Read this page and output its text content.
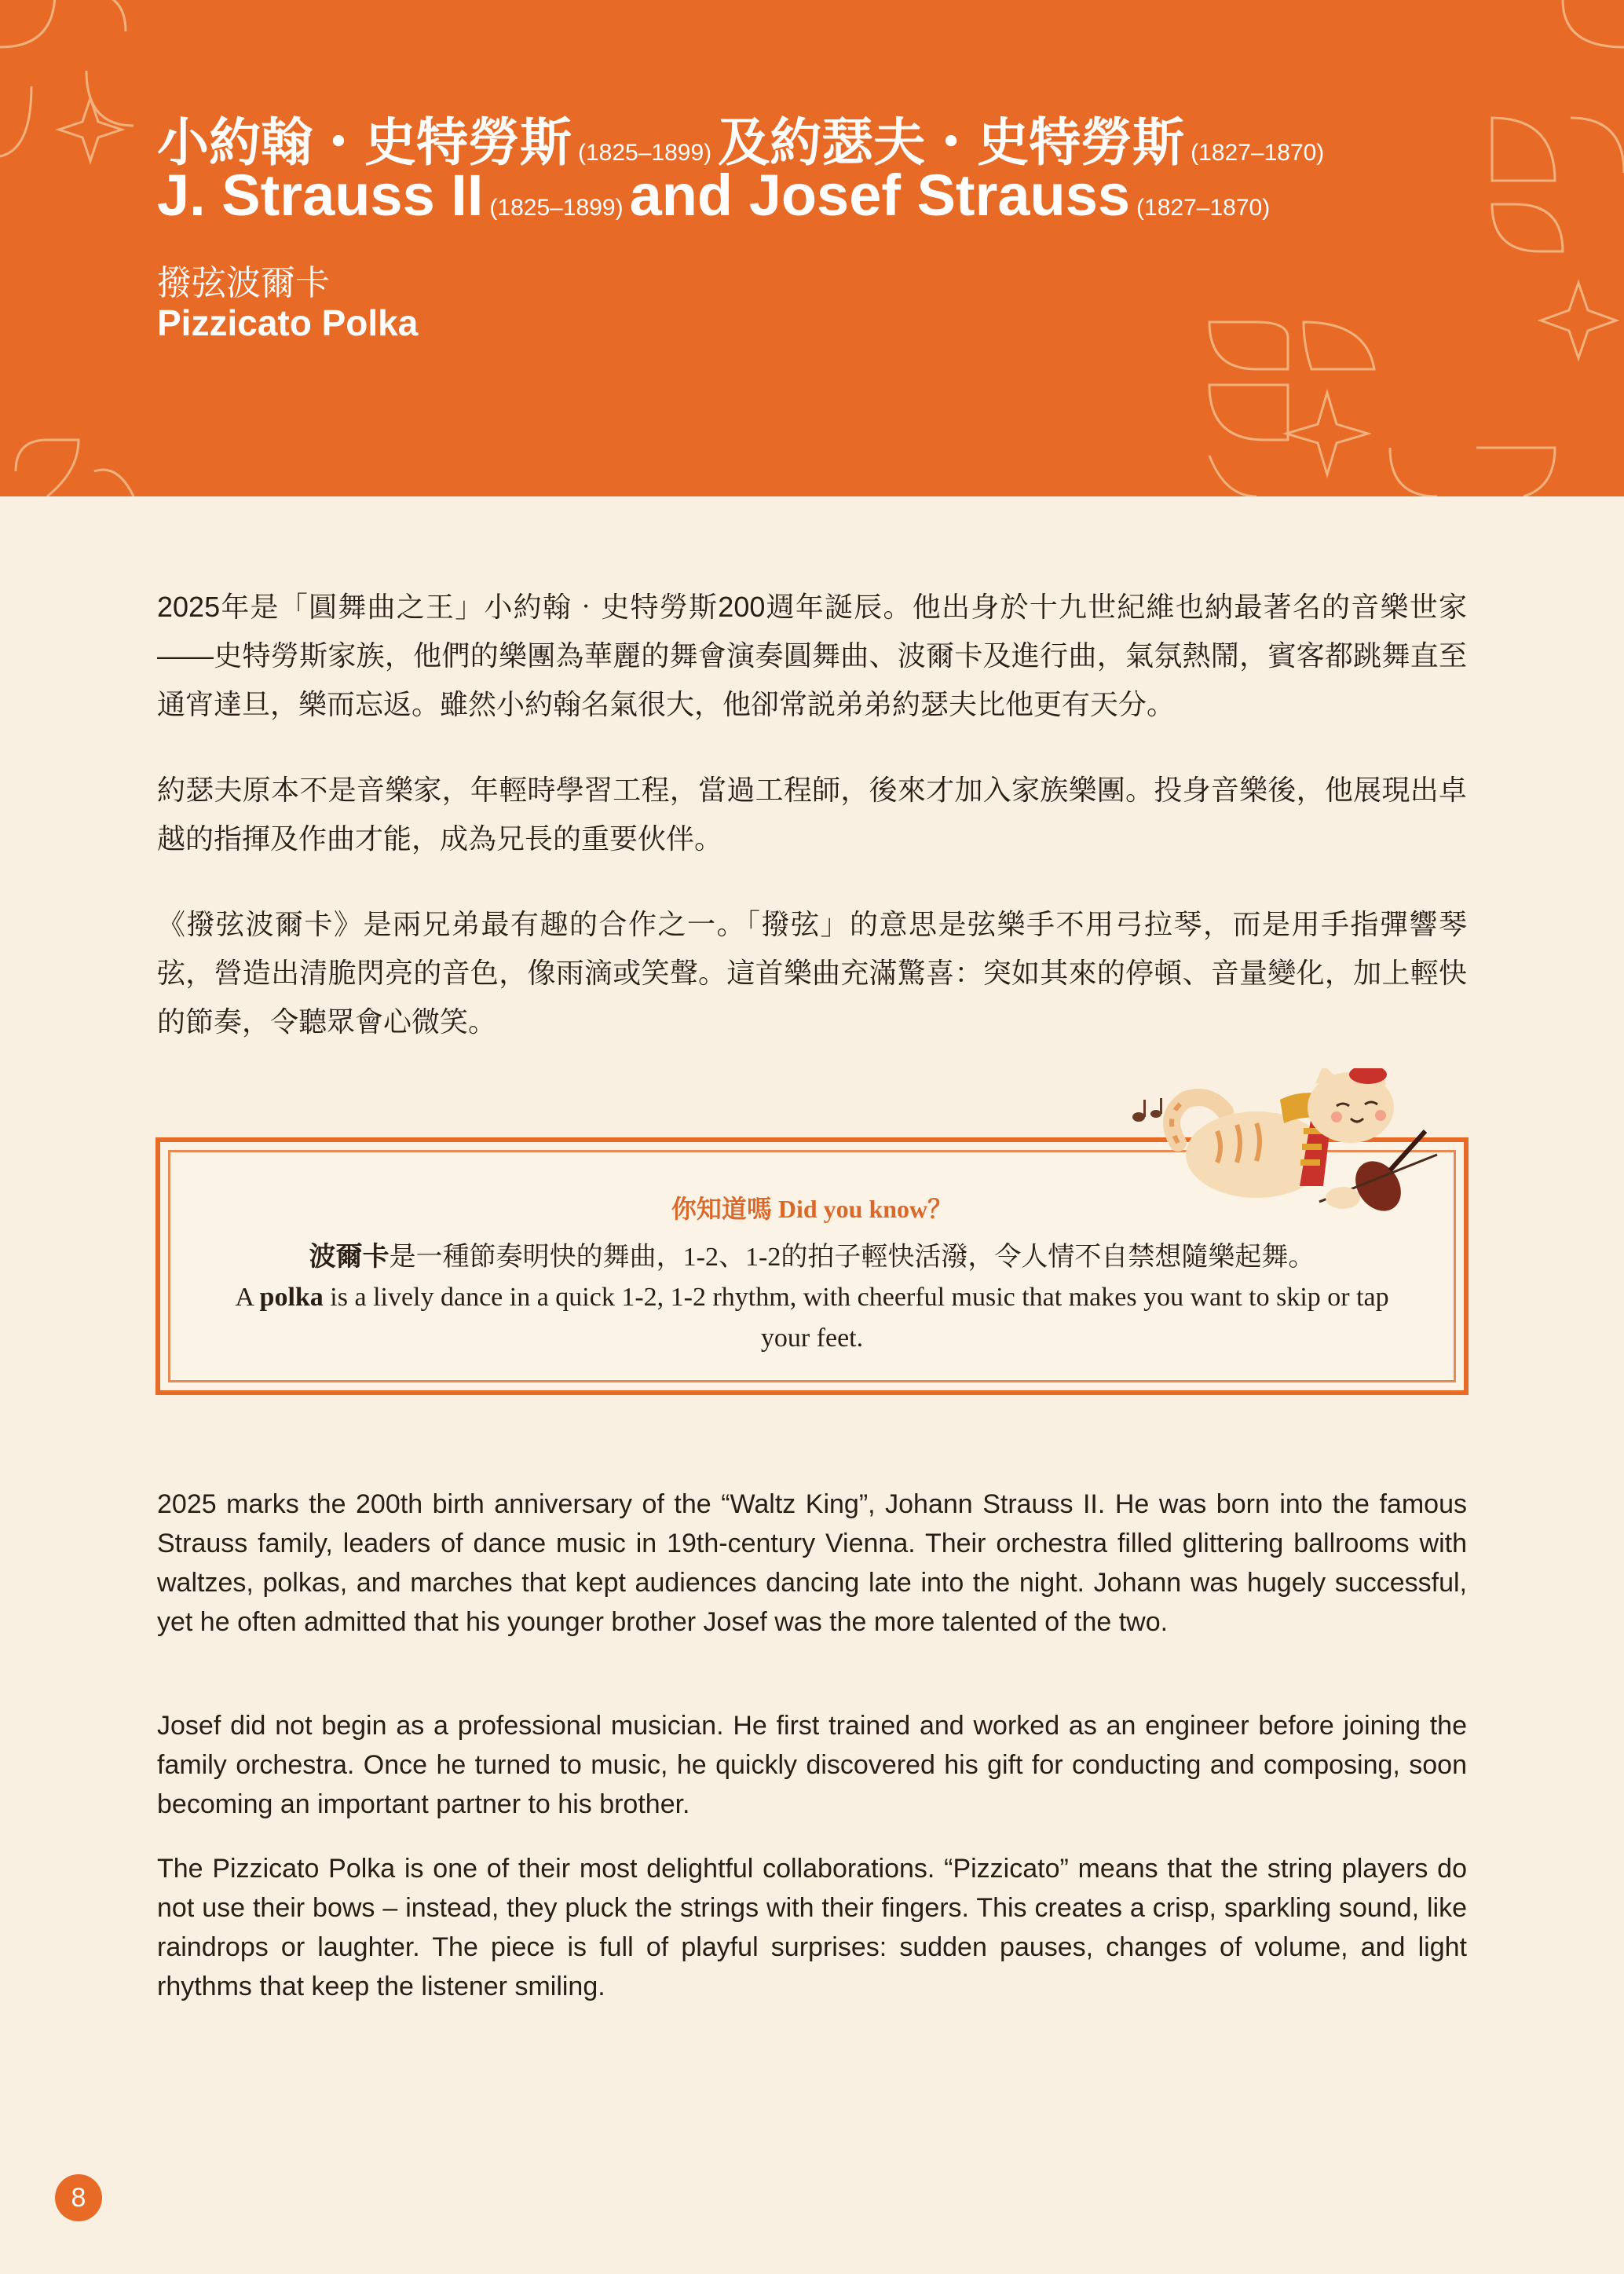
小約翰・史特勞斯 (1825–1899) 及約瑟夫・史特勞斯 (1827–1870)
J. Strauss II (1825–1899) and Josef Strauss (1827–1870)
撥弦波爾卡
Pizzicato Polka

2025年是「圓舞曲之王」小約翰‧史特勞斯200週年誕辰。他出身於十九世紀維也納最著名的音樂世家——史特勞斯家族，他們的樂團為華麗的舞會演奏圓舞曲、波爾卡及進行曲，氣氛熱鬧，賓客都跳舞直至通宵達旦，樂而忘返。雖然小約翰名氣很大，他卻常説弟弟約瑟夫比他更有天分。

約瑟夫原本不是音樂家，年輕時學習工程，當過工程師，後來才加入家族樂團。投身音樂後，他展現出卓越的指揮及作曲才能，成為兄長的重要伙伴。

《撥弦波爾卡》是兩兄弟最有趣的合作之一。「撥弦」的意思是弦樂手不用弓拉琴，而是用手指彈響琴弦，營造出清脆閃亮的音色，像雨滴或笑聲。這首樂曲充滿驚喜：突如其來的停頓、音量變化，加上輕快的節奏，令聽眾會心微笑。

你知道嗎 Did you know？
波爾卡是一種節奏明快的舞曲，1-2、1-2的拍子輕快活潑，令人情不自禁想隨樂起舞。
A polka is a lively dance in a quick 1-2, 1-2 rhythm, with cheerful music that makes you want to skip or tap your feet.

2025 marks the 200th birth anniversary of the “Waltz King”, Johann Strauss II. He was born into the famous Strauss family, leaders of dance music in 19th-century Vienna. Their orchestra filled glittering ballrooms with waltzes, polkas, and marches that kept audiences dancing late into the night. Johann was hugely successful, yet he often admitted that his younger brother Josef was the more talented of the two.

Josef did not begin as a professional musician. He first trained and worked as an engineer before joining the family orchestra. Once he turned to music, he quickly discovered his gift for conducting and composing, soon becoming an important partner to his brother.

The Pizzicato Polka is one of their most delightful collaborations. “Pizzicato” means that the string players do not use their bows – instead, they pluck the strings with their fingers. This creates a crisp, sparkling sound, like raindrops or laughter. The piece is full of playful surprises: sudden pauses, changes of volume, and light rhythms that keep the listener smiling.

8
